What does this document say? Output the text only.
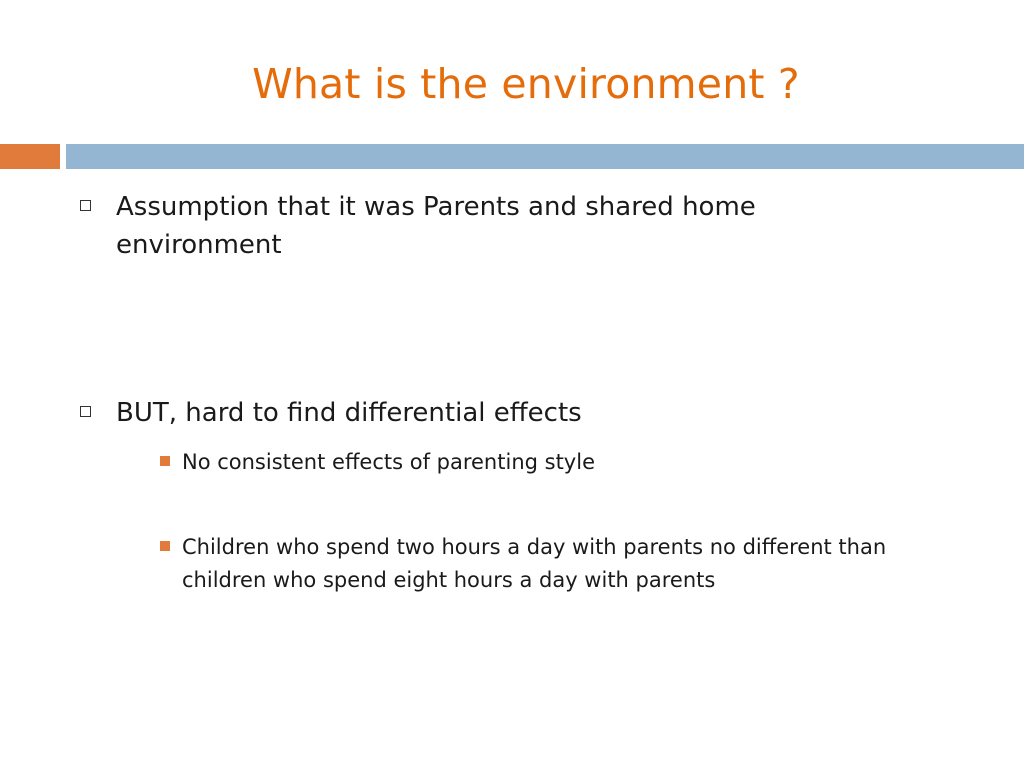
What is the environment ?
Assumption that it was Parents and shared home environment
BUT, hard to find differential effects
No consistent effects of parenting style
Children who spend two hours a day with parents no different than children who spend eight hours a day with parents
